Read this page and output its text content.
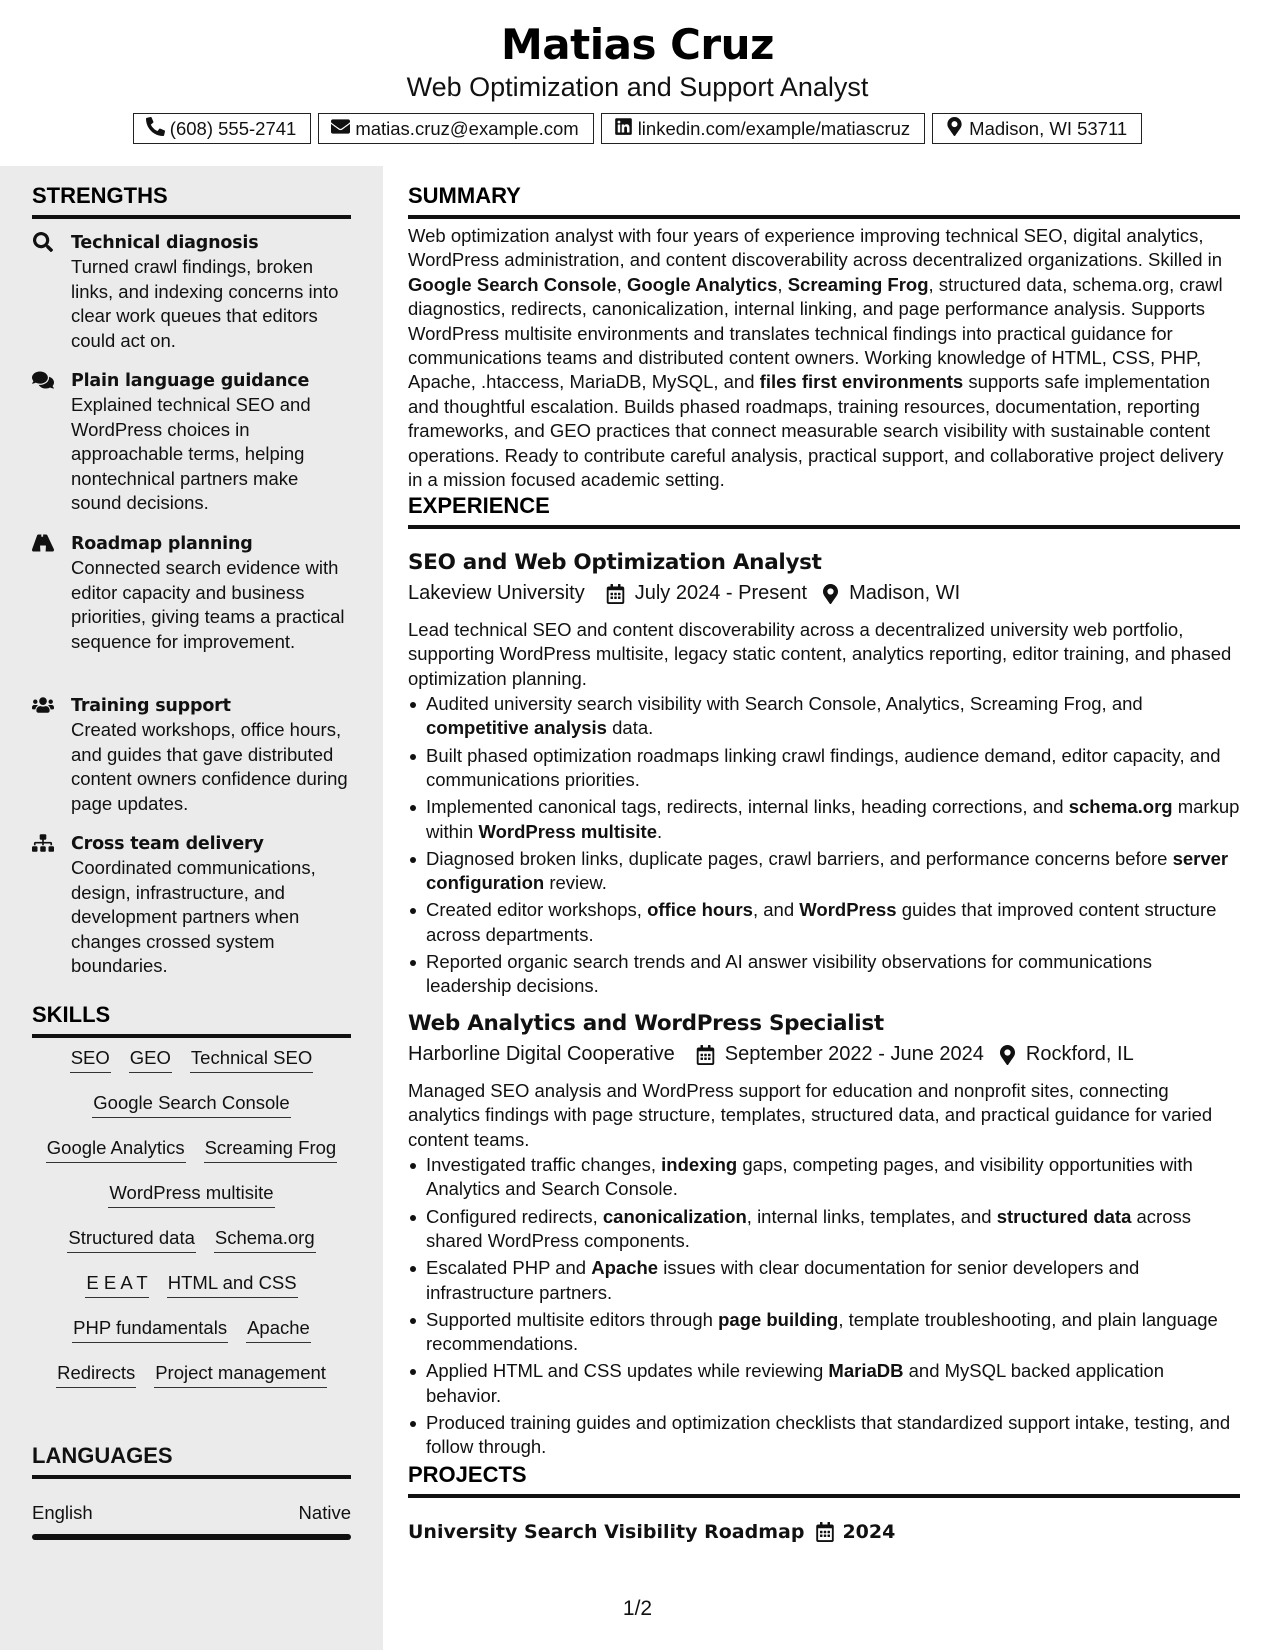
Matias Cruz
Web Optimization and Support Analyst
(608) 555-2741	matias.cruz@example.com	linkedin.com/example/matiascruz	Madison, WI 53711
STRENGTHS
Technical diagnosis
Turned crawl findings, broken links, and indexing concerns into clear work queues that editors could act on.
Plain language guidance
Explained technical SEO and WordPress choices in approachable terms, helping nontechnical partners make sound decisions.
Roadmap planning
Connected search evidence with editor capacity and business priorities, giving teams a practical sequence for improvement.
Training support
Created workshops, office hours, and guides that gave distributed content owners confidence during page updates.
Cross team delivery
Coordinated communications, design, infrastructure, and development partners when changes crossed system boundaries.
SKILLS
SEO GEO Technical SEO
Google Search Console
Google Analytics Screaming Frog
WordPress multisite
Structured data Schema.org
E E A T HTML and CSS
PHP fundamentals Apache
Redirects Project management
LANGUAGES
English	Native
SUMMARY

Web optimization analyst with four years of experience improving technical SEO, digital analytics, WordPress administration, and content discoverability across decentralized organizations. Skilled in Google Search Console, Google Analytics, Screaming Frog, structured data, schema.org, crawl diagnostics, redirects, canonicalization, internal linking, and page performance analysis. Supports WordPress multisite environments and translates technical findings into practical guidance for communications teams and distributed content owners. Working knowledge of HTML, CSS, PHP, Apache, .htaccess, MariaDB, MySQL, and files first environments supports safe implementation and thoughtful escalation. Builds phased roadmaps, training resources, documentation, reporting frameworks, and GEO practices that connect measurable search visibility with sustainable content operations. Ready to contribute careful analysis, practical support, and collaborative project delivery in a mission focused academic setting.

EXPERIENCE
SEO and Web Optimization Analyst
Lakeview University	July 2024 - Present Madison, WI

Lead technical SEO and content discoverability across a decentralized university web portfolio, supporting WordPress multisite, legacy static content, analytics reporting, editor training, and phased optimization planning.

Audited university search visibility with Search Console, Analytics, Screaming Frog, and competitive analysis data.
Built phased optimization roadmaps linking crawl findings, audience demand, editor capacity, and communications priorities.
Implemented canonical tags, redirects, internal links, heading corrections, and schema.org markup within WordPress multisite.
Diagnosed broken links, duplicate pages, crawl barriers, and performance concerns before server configuration review.
Created editor workshops, office hours, and WordPress guides that improved content structure across departments.
Reported organic search trends and AI answer visibility observations for communications leadership decisions.
Web Analytics and WordPress Specialist
Harborline Digital Cooperative	September 2022 - June 2024 Rockford, IL

Managed SEO analysis and WordPress support for education and nonprofit sites, connecting analytics findings with page structure, templates, structured data, and practical guidance for varied content teams.

Investigated traffic changes, indexing gaps, competing pages, and visibility opportunities with Analytics and Search Console.
Configured redirects, canonicalization, internal links, templates, and structured data across shared WordPress components.
Escalated PHP and Apache issues with clear documentation for senior developers and infrastructure partners.
Supported multisite editors through page building, template troubleshooting, and plain language recommendations.
Applied HTML and CSS updates while reviewing MariaDB and MySQL backed application behavior.
Produced training guides and optimization checklists that standardized support intake, testing, and follow through.
PROJECTS
University Search Visibility Roadmap 2024
1/2
